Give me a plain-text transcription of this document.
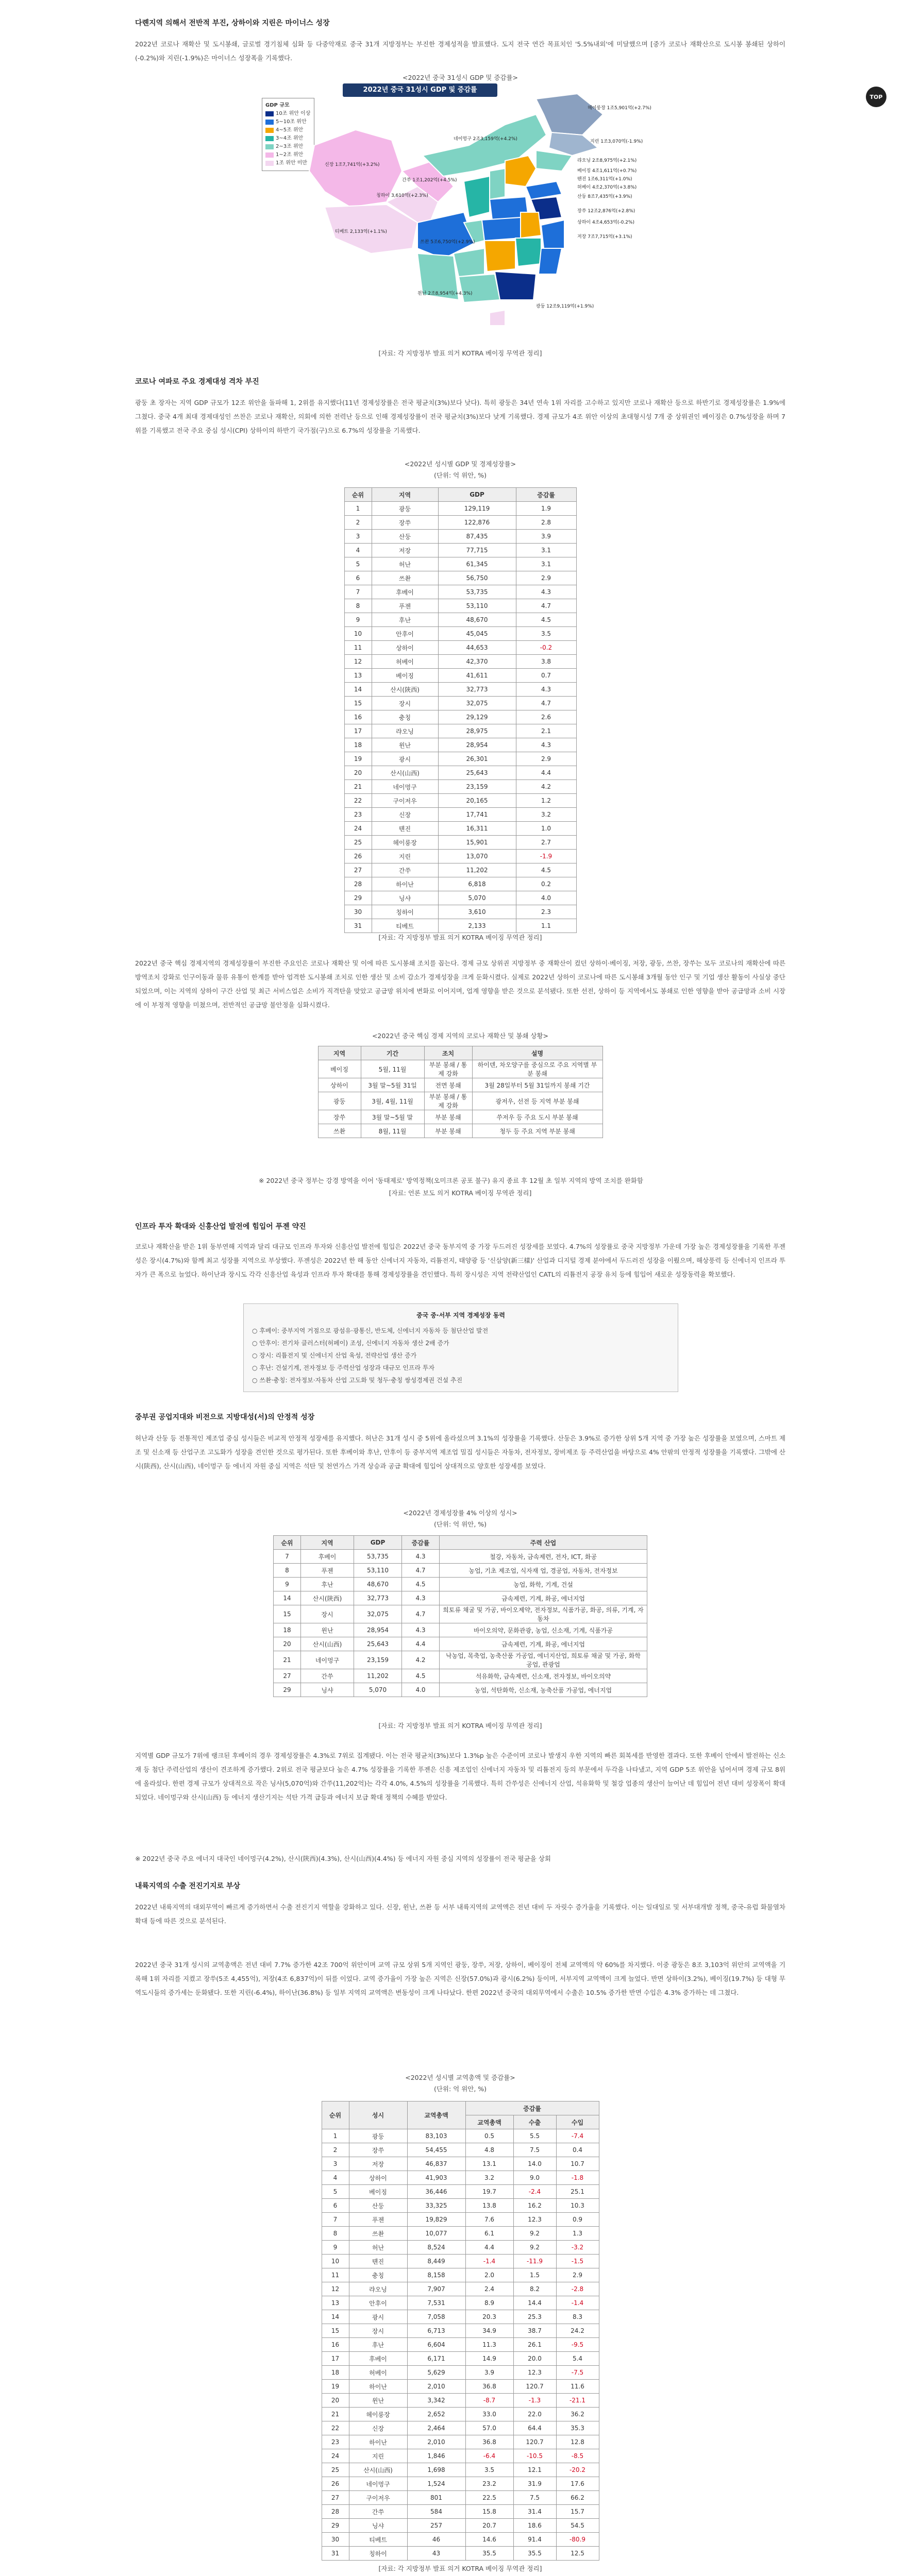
TOP

다롄지역 의해서 전반적 부진, 상하이와 지린은 마이너스 성장

2022년 코로나 재확산 및 도시봉쇄, 글로벌 경기침체 심화 등 다중악재로 중국 31개 지방정부는 부진한 경제성적을 발표했다. 도지 전국 연간 목표치인 '5.5%내외'에 미달했으며 [중가 코로나 재확산으로 도시봉 봉쇄된 상하이(-0.2%)와 지린(-1.9%)은 마이너스 성장폭을 기록했다.

<2022년 중국 31성시 GDP 및 증감률>
2022년 중국 31성시 GDP 및 증감률
GDP 규모
10조 위안 이상
5~10조 위안
4~5조 위안
3~4조 위안
2~3조 위안
1~2조 위안
1조 위안 미만	신장 1조7,741억(+3.2%)
네이멍구 2조3,159억(+4.2%)
헤이룽장 1조5,901억(+2.7%)
지린 1조3,070억(-1.9%)
랴오닝 2조8,975억(+2.1%)
베이징 4조1,611억(+0.7%)
톈진 1조6,311억(+1.0%)
허베이 4조2,370억(+3.8%)
산둥 8조7,435억(+3.9%)
장쑤 12조2,876억(+2.8%)
상하이 4조4,653억(-0.2%)
저장 7조7,715억(+3.1%)
광둥 12조9,119억(+1.9%)
티베트 2,133억(+1.1%)
칭하이 3,610억(+2.3%)
간쑤 1조1,202억(+4.5%)
쓰촨 5조6,750억(+2.9%)
윈난 2조8,954억(+4.3%)
[자료: 각 지방정부 발표 의거 KOTRA 베이징 무역관 정리]

코로나 여파로 주요 경제대성 격차 부진

광둥 초 장자는 지역 GDP 규모가 12조 위안을 돌파해 1, 2위를 유지했다(11년 경제성장률은 전국 평균치(3%)보다 낮다). 특히 광둥은 34년 연속 1위 자리를 고수하고 있지만 코로나 재확산 등으로 하반기로 경제성장률은 1.9%에 그쳤다. 중국 4개 최대 경제대성인 쓰찬은 코로나 재확산, 의회에 의한 전력난 등으로 인해 경제성장률이 전국 평균치(3%)보다 낮게 기록했다. 경제 규모가 4조 위안 이상의 초대형시성 7개 중 상위권인 베이징은 0.7%성장을 하며 7위를 기록했고 전국 주요 중심 성시(CPI) 상하이의 하반기 국가점(구)으로 6.7%의 성장률을 기록했다.

<2022년 성시별 GDP 및 경제성장률>
(단위: 억 위안, %)
순위	지역	GDP	증감률
1	광둥	129,119	1.9
2	장쑤	122,876	2.8
3	산둥	87,435	3.9
4	저장	77,715	3.1
5	허난	61,345	3.1
6	쓰촨	56,750	2.9
7	후베이	53,735	4.3
8	푸젠	53,110	4.7
9	후난	48,670	4.5
10	안후이	45,045	3.5
11	상하이	44,653	-0.2
12	허베이	42,370	3.8
13	베이징	41,611	0.7
14	산시(陝西)	32,773	4.3
15	장시	32,075	4.7
16	충칭	29,129	2.6
17	랴오닝	28,975	2.1
18	윈난	28,954	4.3
19	광시	26,301	2.9
20	산시(山西)	25,643	4.4
21	네이멍구	23,159	4.2
22	구이저우	20,165	1.2
23	신장	17,741	3.2
24	톈진	16,311	1.0
25	헤이룽장	15,901	2.7
26	지린	13,070	-1.9
27	간쑤	11,202	4.5
28	하이난	6,818	0.2
29	닝샤	5,070	4.0
30	칭하이	3,610	2.3
31	티베트	2,133	1.1
[자료: 각 지방정부 발표 의거 KOTRA 베이징 무역관 정리]

2022년 중국 핵심 경제지역의 경제성장률이 부진한 주요인은 코로나 재확산 및 이에 따른 도시봉쇄 조치를 꼽는다. 경제 규모 상위권 지방정부 중 재확산이 컸던 상하이·베이징, 저장, 광둥, 쓰찬, 장쑤는 모두 코로나의 재확산에 따른 방역조치 강화로 인구이동과 물류 유통이 한계를 받아 엄격한 도시봉쇄 조치로 인한 생산 및 소비 감소가 경제성장을 크게 둔화시켰다. 실제로 2022년 상하이 코로나에 따른 도시봉쇄 3개월 동안 인구 및 기업 생산 활동이 사실상 중단되었으며, 이는 지역의 상하이 구간 산업 및 최근 서비스업은 소비가 직격탄을 맞았고 공급망 위치에 변화로 이어지며, 업계 영향을 받은 것으로 분석됐다. 또한 선전, 상하이 등 지역에서도 봉쇄로 인한 영향을 받아 공급망과 소비 시장에 이 부정적 영향을 미쳤으며, 전반적인 공급망 불안정을 심화시켰다.

<2022년 중국 핵심 경제 지역의 코로나 재확산 및 봉쇄 상황>
지역	기간	조치	설명
베이징	5월, 11월	부분 봉쇄 / 통제 강화	하이덴, 차오양구를 중심으로 주요 지역별 부분 봉쇄
상하이	3월 말~5월 31일	전면 봉쇄	3월 28일부터 5월 31일까지 봉쇄 기간
광둥	3월, 4월, 11월	부분 봉쇄 / 통제 강화	광저우, 선전 등 지역 부분 봉쇄
장쑤	3월 말~5월 말	부분 봉쇄	쑤저우 등 주요 도시 부분 봉쇄
쓰촨	8월, 11월	부분 봉쇄	청두 등 주요 지역 부분 봉쇄
※ 2022년 중국 정부는 강경 방역을 이어 '동태제로' 방역정책(오미크론 공포 불구) 유지 종료 후 12월 초 일부 지역의 방역 조치를 완화함
[자료: 언론 보도 의거 KOTRA 베이징 무역관 정리]

인프라 투자 확대와 신흥산업 발전에 힘입어 푸젠 약진

코로나 재확산을 받은 1위 동부연해 지역과 달리 대규모 인프라 투자와 신흥산업 발전에 힘입은 2022년 중국 동부지역 중 가장 두드러진 성장세를 보였다. 4.7%의 성장률로 중국 지방정부 가운데 가장 높은 경제성장률을 기록한 푸젠성은 장시(4.7%)와 함께 최고 성장률 지역으로 부상했다. 푸젠성은 2022년 한 해 동안 신에너지 자동차, 리튬전지, 태양광 등 '신삼양(新三樣)' 산업과 디지털 경제 분야에서 두드러진 성장을 이뤘으며, 해상풍력 등 신에너지 인프라 투자가 큰 폭으로 늘었다. 하이난과 장시도 각각 신흥산업 육성과 인프라 투자 확대를 통해 경제성장률을 견인했다. 특히 장시성은 지역 전략산업인 CATL의 리튬전지 공장 유치 등에 힘입어 새로운 성장동력을 확보했다.

중국 중·서부 지역 경제성장 동력
○ 후베이: 중부지역 거점으로 광섬유·광통신, 반도체, 신에너지 자동차 등 첨단산업 발전
○ 안후이: 전기차 클러스터(허페이) 조성, 신에너지 자동차 생산 2배 증가
○ 장시: 리튬전지 및 신에너지 산업 육성, 전략산업 생산 증가
○ 후난: 건설기계, 전자정보 등 주력산업 성장과 대규모 인프라 투자
○ 쓰촨·충칭: 전자정보·자동차 산업 고도화 및 청두·충칭 쌍성경제권 건설 추진

중부권 공업지대와 비전으로 지방대성(서)의 안정적 성장

허난과 산둥 등 전통적인 제조업 중심 성시들은 비교적 안정적 성장세를 유지했다. 허난은 31개 성시 중 5위에 올라섰으며 3.1%의 성장률을 기록했다. 산둥은 3.9%로 증가한 상위 5개 지역 중 가장 높은 성장률을 보였으며, 스마트 제조 및 신소재 등 산업구조 고도화가 성장을 견인한 것으로 평가된다. 또한 후베이와 후난, 안후이 등 중부지역 제조업 밀집 성시들은 자동차, 전자정보, 장비제조 등 주력산업을 바탕으로 4% 안팎의 안정적 성장률을 기록했다. 그밖에 산시(陕西), 산시(山西), 네이멍구 등 에너지 자원 중심 지역은 석탄 및 천연가스 가격 상승과 공급 확대에 힘입어 상대적으로 양호한 성장세를 보였다.

<2022년 경제성장률 4% 이상의 성시>
(단위: 억 위안, %)
순위	지역	GDP	증감률	주력 산업
7	후베이	53,735	4.3	철강, 자동차, 금속제련, 전자, ICT, 화공
8	푸젠	53,110	4.7	농업, 기초 제조업, 식자재 업, 경공업, 자동차, 전자정보
9	후난	48,670	4.5	농업, 화학, 기계, 건설
14	산시(陝西)	32,773	4.3	금속제련, 기계, 화공, 에너지업
15	장시	32,075	4.7	희토류 채굴 및 가공, 바이오제약, 전자정보, 식품가공, 화공, 의류, 기계, 자동차
18	윈난	28,954	4.3	바이오의약, 문화관광, 농업, 신소재, 기계, 식품가공
20	산시(山西)	25,643	4.4	금속제련, 기계, 화공, 에너지업
21	네이멍구	23,159	4.2	낙농업, 목축업, 농축산품 가공업, 에너지산업, 희토류 채굴 및 가공, 화학 공업, 관광업
27	간쑤	11,202	4.5	석유화학, 금속제련, 신소재, 전자정보, 바이오의약
29	닝샤	5,070	4.0	농업, 석탄화학, 신소재, 농축산품 가공업, 에너지업
[자료: 각 지방정부 발표 의거 KOTRA 베이징 무역관 정리]

지역별 GDP 규모가 7위에 랭크된 후베이의 경우 경제성장률은 4.3%로 7위로 집계됐다. 이는 전국 평균치(3%)보다 1.3%p 높은 수준이며 코로나 발생지 우한 지역의 빠른 회복세를 반영한 결과다. 또한 후베이 안에서 발전하는 신소재 등 첨단 주력산업의 생산이 견조하게 증가했다. 2위로 전국 평균보다 높은 4.7% 성장률을 기록한 푸젠은 신흥 제조업인 신에너지 자동차 및 리튬전지 등의 부문에서 두각을 나타냈고, 지역 GDP 5조 위안을 넘어서며 경제 규모 8위에 올라섰다. 한편 경제 규모가 상대적으로 작은 닝샤(5,070억)와 간쑤(11,202억)는 각각 4.0%, 4.5%의 성장률을 기록했다. 특히 간쑤성은 신에너지 산업, 석유화학 및 철강 업종의 생산이 늘어난 데 힘입어 전년 대비 성장폭이 확대되었다. 네이멍구와 산시(山西) 등 에너지 생산기지는 석탄 가격 급등과 에너지 보급 확대 정책의 수혜를 받았다.

※ 2022년 중국 주요 에너지 대국인 네이멍구(4.2%), 산시(陝西)(4.3%), 산시(山西)(4.4%) 등 에너지 자원 중심 지역의 성장률이 전국 평균을 상회

내륙지역의 수출 전진기지로 부상

2022년 내륙지역의 대외무역이 빠르게 증가하면서 수출 전진기지 역할을 강화하고 있다. 신장, 윈난, 쓰촨 등 서부 내륙지역의 교역액은 전년 대비 두 자릿수 증가율을 기록했다. 이는 일대일로 및 서부대개발 정책, 중국-유럽 화물열차 확대 등에 따른 것으로 분석된다.

2022년 중국 31개 성시의 교역총액은 전년 대비 7.7% 증가한 42조 700억 위안이며 교역 규모 상위 5개 지역인 광둥, 장쑤, 저장, 상하이, 베이징이 전체 교역액의 약 60%를 차지했다. 이중 광둥은 8조 3,103억 위안의 교역액을 기록해 1위 자리를 지켰고 장쑤(5조 4,455억), 저장(4조 6,837억)이 뒤를 이었다. 교역 증가율이 가장 높은 지역은 신장(57.0%)과 광시(6.2%) 등이며, 서부지역 교역액이 크게 늘었다. 반면 상하이(3.2%), 베이징(19.7%) 등 대형 무역도시들의 증가세는 둔화됐다. 또한 지린(-6.4%), 하이난(36.8%) 등 일부 지역의 교역액은 변동성이 크게 나타났다. 한편 2022년 중국의 대외무역에서 수출은 10.5% 증가한 반면 수입은 4.3% 증가하는 데 그쳤다.

<2022년 성시별 교역총액 및 증감률>
(단위: 억 위안, %)
순위	성시	교역총액	증감률		
			교역총액	수출	수입
1	광둥	83,103	0.5	5.5	-7.4
2	장쑤	54,455	4.8	7.5	0.4
3	저장	46,837	13.1	14.0	10.7
4	상하이	41,903	3.2	9.0	-1.8
5	베이징	36,446	19.7	-2.4	25.1
6	산둥	33,325	13.8	16.2	10.3
7	푸젠	19,829	7.6	12.3	0.9
8	쓰촨	10,077	6.1	9.2	1.3
9	허난	8,524	4.4	9.2	-3.2
10	톈진	8,449	-1.4	-11.9	-1.5
11	충칭	8,158	2.0	1.5	2.9
12	랴오닝	7,907	2.4	8.2	-2.8
13	안후이	7,531	8.9	14.4	-1.4
14	광시	7,058	20.3	25.3	8.3
15	장시	6,713	34.9	38.7	24.2
16	후난	6,604	11.3	26.1	-9.5
17	후베이	6,171	14.9	20.0	5.4
18	허베이	5,629	3.9	12.3	-7.5
19	하이난	2,010	36.8	120.7	11.6
20	윈난	3,342	-8.7	-1.3	-21.1
21	헤이룽장	2,652	33.0	22.0	36.2
22	신장	2,464	57.0	64.4	35.3
23	하이난	2,010	36.8	120.7	12.8
24	지린	1,846	-6.4	-10.5	-8.5
25	산시(山西)	1,698	3.5	12.1	-20.2
26	네이멍구	1,524	23.2	31.9	17.6
27	구이저우	801	22.5	7.5	66.2
28	간쑤	584	15.8	31.4	15.7
29	닝샤	257	20.7	18.6	54.5
30	티베트	46	14.6	91.4	-80.9
31	칭하이	43	35.5	35.5	12.5
[자료: 각 지방정부 발표 의거 KOTRA 베이징 무역관 정리]
